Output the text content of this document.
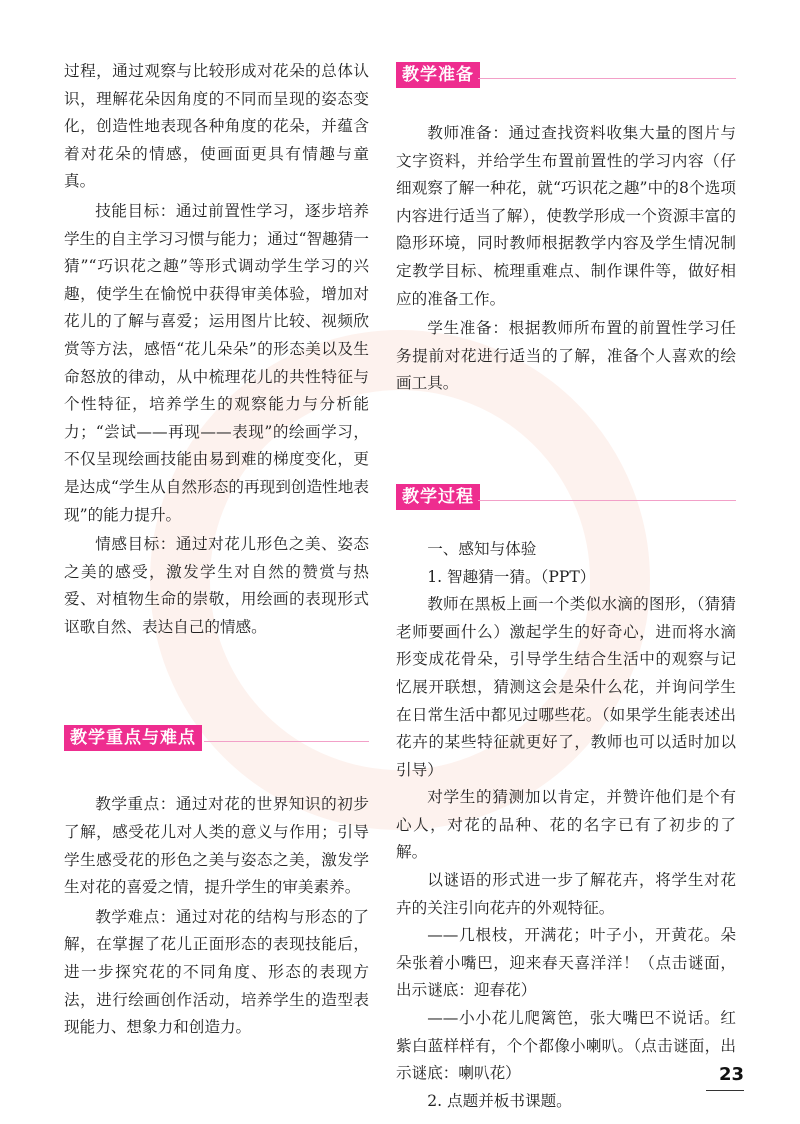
过程，通过观察与比较形成对花朵的总体认识，理解花朵因角度的不同而呈现的姿态变化，创造性地表现各种角度的花朵，并蕴含着对花朵的情感，使画面更具有情趣与童真。

技能目标：通过前置性学习，逐步培养学生的自主学习习惯与能力；通过“智趣猜一猜”“巧识花之趣”等形式调动学生学习的兴趣，使学生在愉悦中获得审美体验，增加对花儿的了解与喜爱；运用图片比较、视频欣赏等方法，感悟“花儿朵朵”的形态美以及生命怒放的律动，从中梳理花儿的共性特征与个性特征，培养学生的观察能力与分析能力；“尝试——再现——表现”的绘画学习，不仅呈现绘画技能由易到难的梯度变化，更是达成“学生从自然形态的再现到创造性地表现”的能力提升。

情感目标：通过对花儿形色之美、姿态之美的感受，激发学生对自然的赞赏与热爱、对植物生命的崇敬，用绘画的表现形式讴歌自然、表达自己的情感。

教学重点与难点

教学重点：通过对花的世界知识的初步了解，感受花儿对人类的意义与作用；引导学生感受花的形色之美与姿态之美，激发学生对花的喜爱之情，提升学生的审美素养。

教学难点：通过对花的结构与形态的了解，在掌握了花儿正面形态的表现技能后，进一步探究花的不同角度、形态的表现方法，进行绘画创作活动，培养学生的造型表现能力、想象力和创造力。

教学准备

教师准备：通过查找资料收集大量的图片与文字资料，并给学生布置前置性的学习内容（仔细观察了解一种花，就“巧识花之趣”中的8个选项内容进行适当了解），使教学形成一个资源丰富的隐形环境，同时教师根据教学内容及学生情况制定教学目标、梳理重难点、制作课件等，做好相应的准备工作。

学生准备：根据教师所布置的前置性学习任务提前对花进行适当的了解，准备个人喜欢的绘画工具。

教学过程

一、感知与体验

1. 智趣猜一猜。（PPT）

教师在黑板上画一个类似水滴的图形，（猜猜老师要画什么）激起学生的好奇心，进而将水滴形变成花骨朵，引导学生结合生活中的观察与记忆展开联想，猜测这会是朵什么花，并询问学生在日常生活中都见过哪些花。（如果学生能表述出花卉的某些特征就更好了，教师也可以适时加以引导）

对学生的猜测加以肯定，并赞许他们是个有心人，对花的品种、花的名字已有了初步的了解。

以谜语的形式进一步了解花卉，将学生对花卉的关注引向花卉的外观特征。

——几根枝，开满花；叶子小，开黄花。朵朵张着小嘴巴，迎来春天喜洋洋！（点击谜面，出示谜底：迎春花）

——小小花儿爬篱笆，张大嘴巴不说话。红紫白蓝样样有，个个都像小喇叭。（点击谜面，出示谜底：喇叭花）

2. 点题并板书课题。

23
